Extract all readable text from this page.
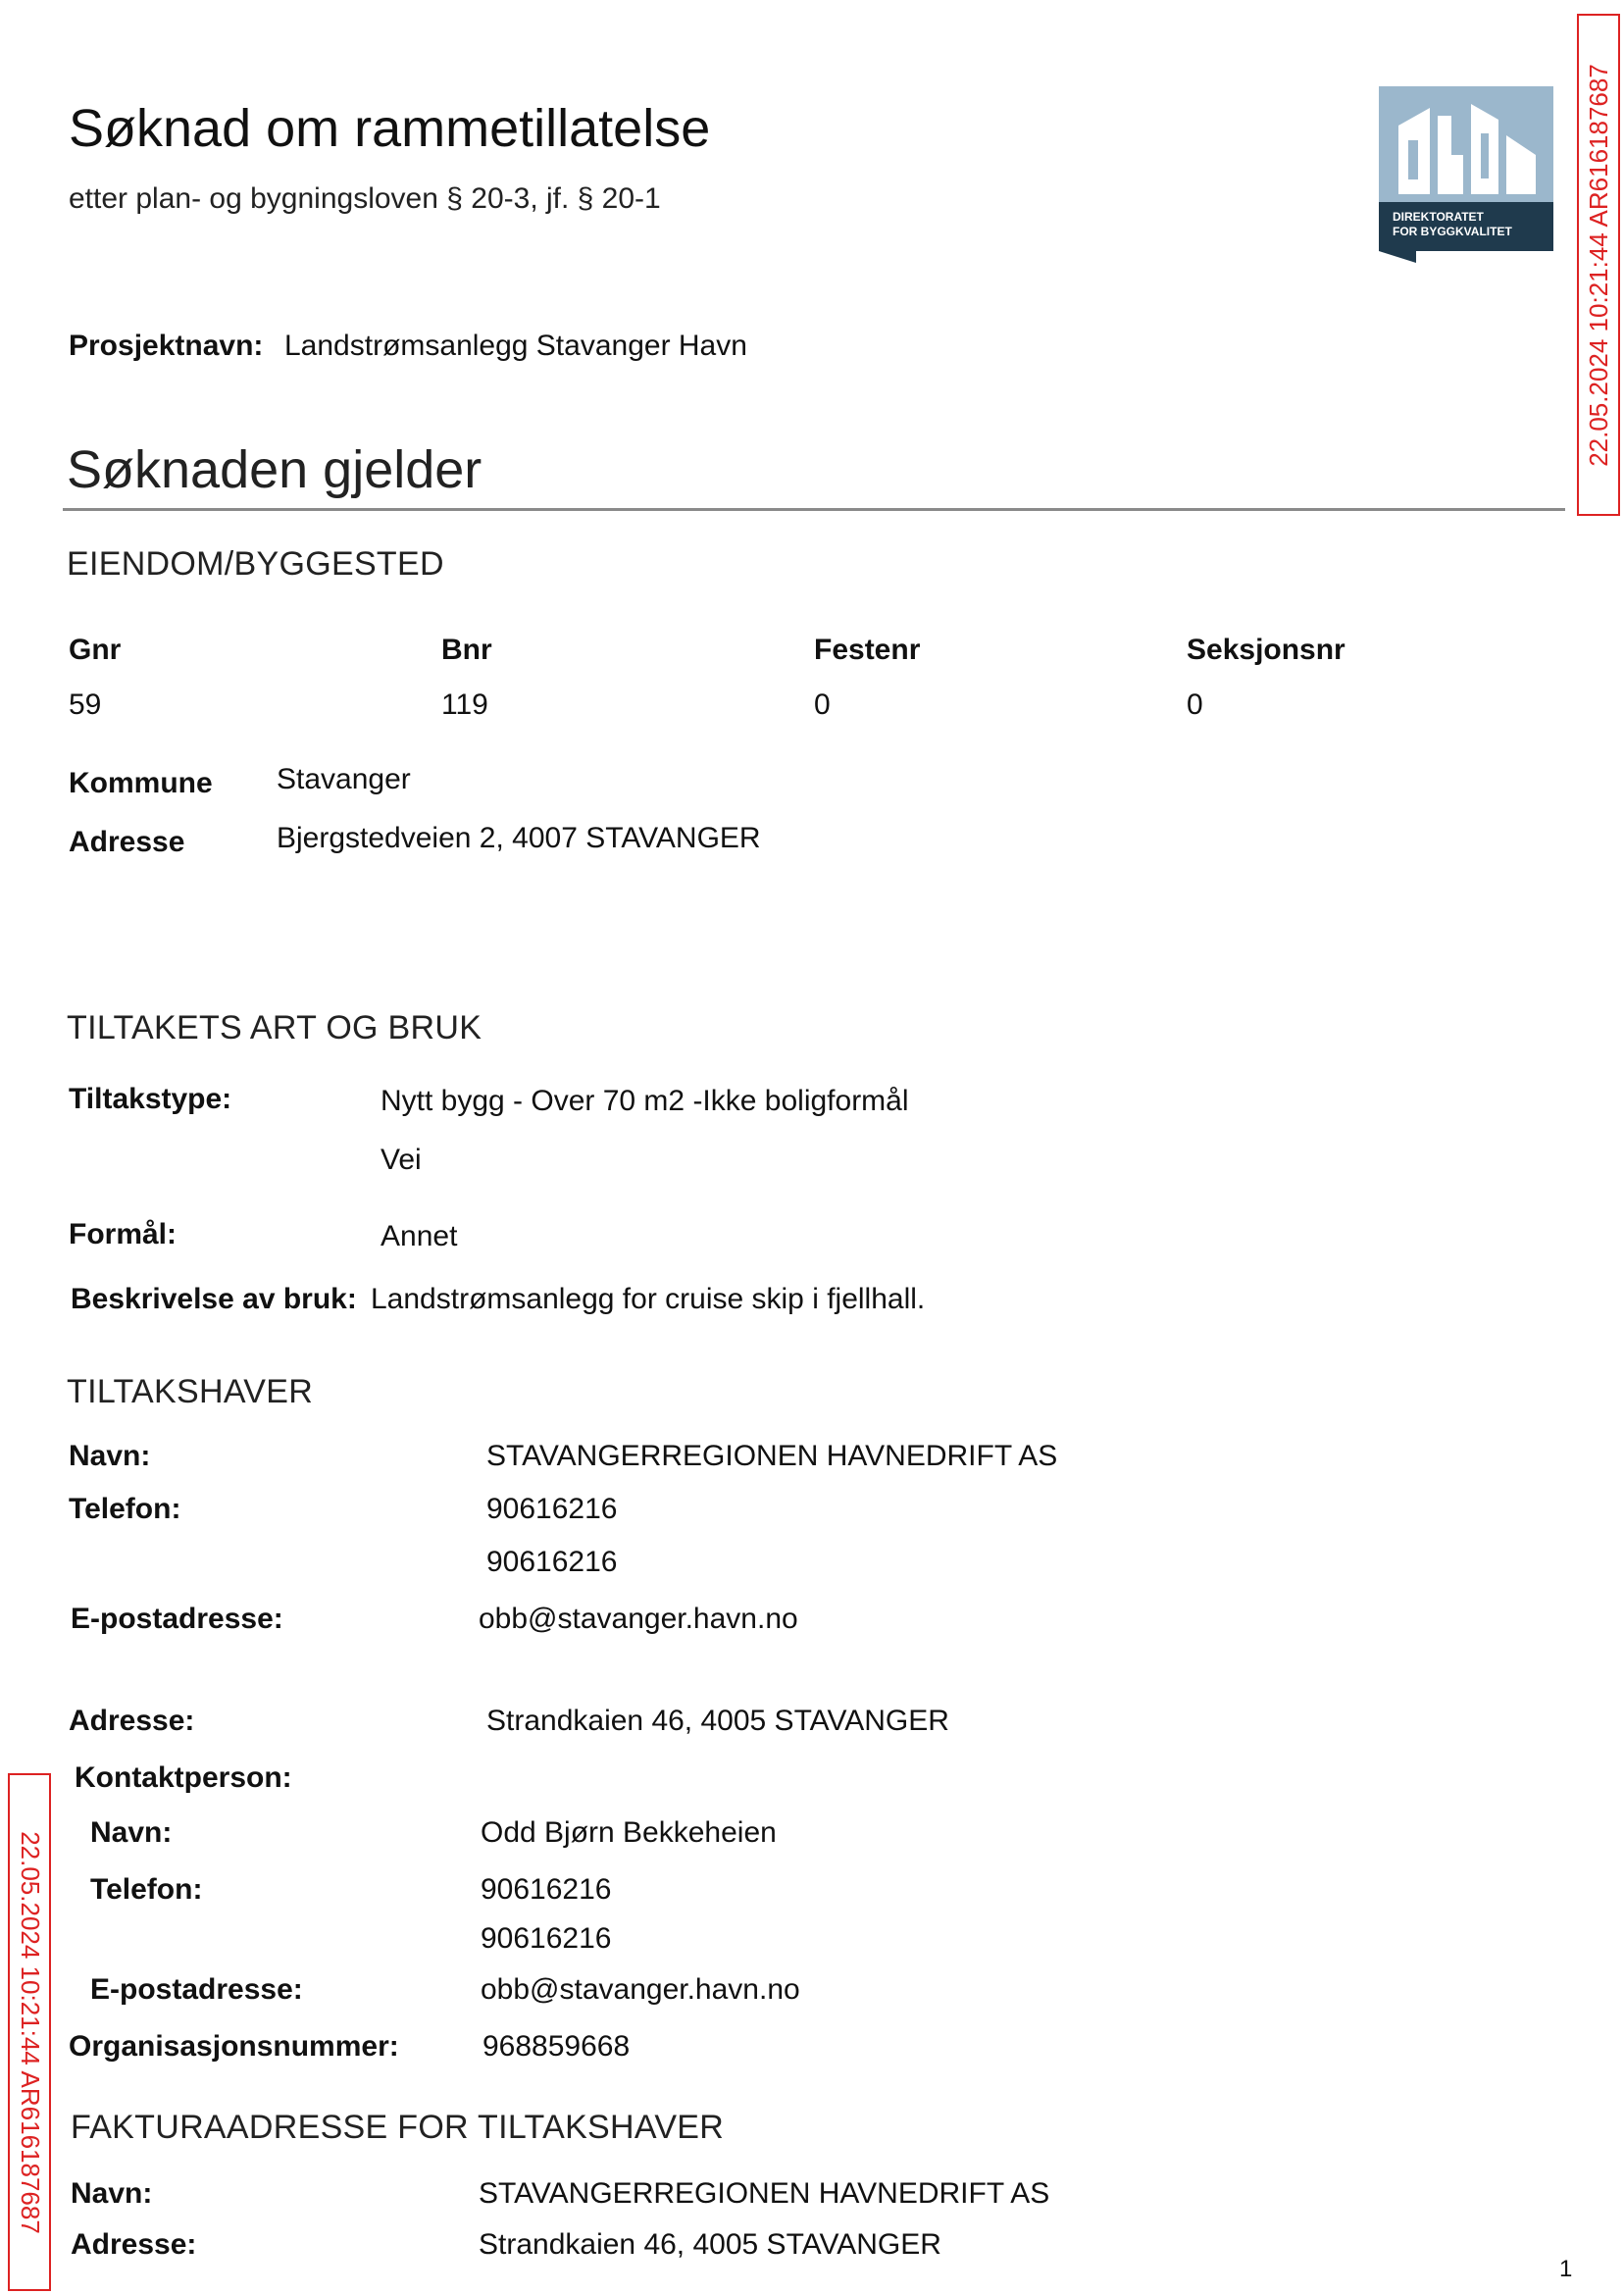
Søknad om rammetillatelse
etter plan- og bygningsloven § 20-3, jf. § 20-1
DIREKTORATET
FOR BYGGKVALITET	22.05.2024 10:21:44 AR616187687
22.05.2024 10:21:44 AR616187687
Prosjektnavn: Landstrømsanlegg Stavanger Havn
Søknaden gjelder
EIENDOM/BYGGESTED
Gnr	Bnr	Festenr	Seksjonsnr
59	119	0	0
Kommune Stavanger
Adresse	Bjergstedveien 2, 4007 STAVANGER
TILTAKETS ART OG BRUK
Tiltakstype:	Nytt bygg - Over 70 m2 -Ikke boligformål
Vei
Formål:	Annet
Beskrivelse av bruk: Landstrømsanlegg for cruise skip i fjellhall.
TILTAKSHAVER
Navn:	STAVANGERREGIONEN HAVNEDRIFT AS
Telefon:	90616216
90616216
E-postadresse:	obb@stavanger.havn.no
Adresse:	Strandkaien 46, 4005 STAVANGER
Kontaktperson:
Navn:	Odd Bjørn Bekkeheien
Telefon:	90616216
90616216
E-postadresse:	obb@stavanger.havn.no
Organisasjonsnummer:	968859668
FAKTURAADRESSE FOR TILTAKSHAVER
Navn:	STAVANGERREGIONEN HAVNEDRIFT AS
Adresse:	Strandkaien 46, 4005 STAVANGER
1
